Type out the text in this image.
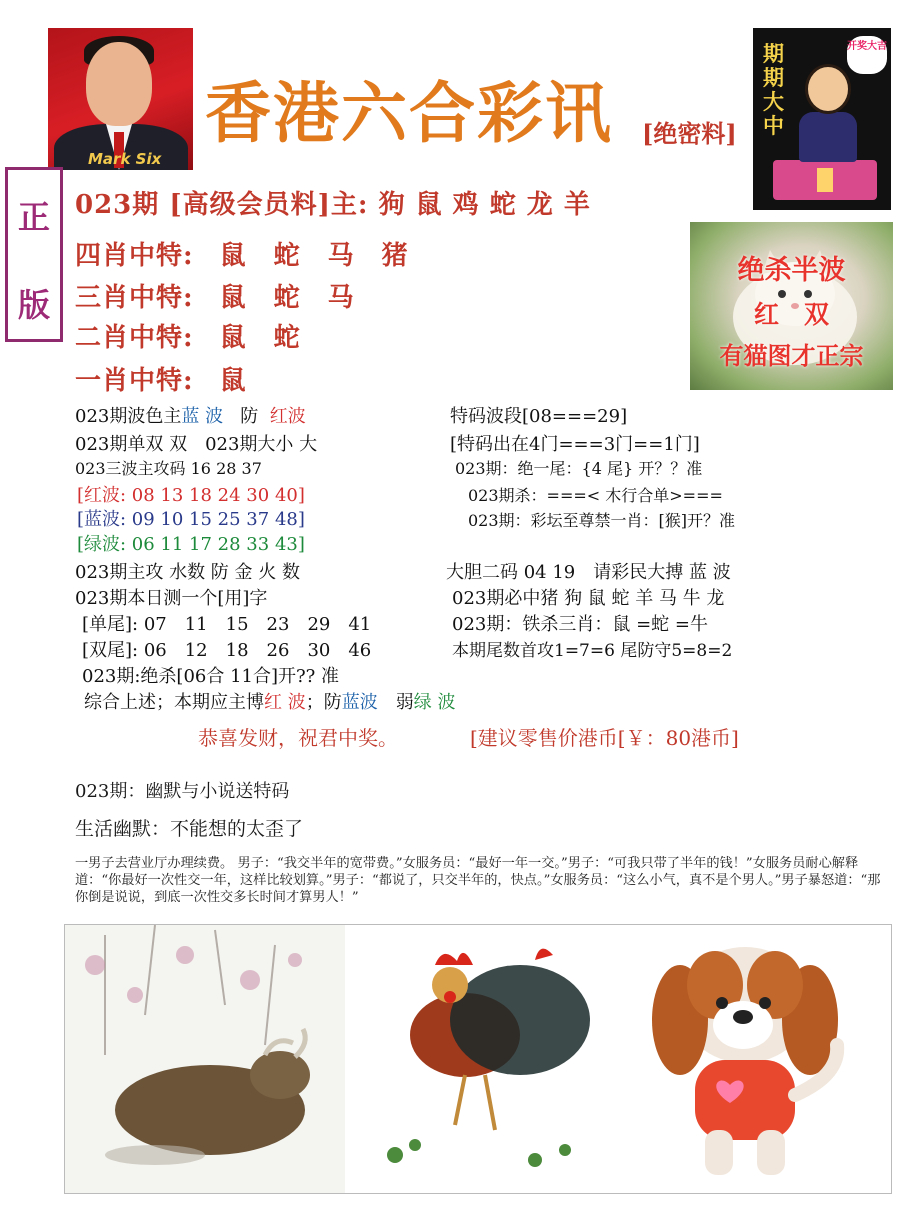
Mark Six
香港六合彩讯 [绝密料]
期期大中
开奖大吉
正
版
023期 [高级会员料]主: 狗 鼠 鸡 蛇 龙 羊
四肖中特: 鼠　蛇　马　猪
三肖中特: 鼠　蛇　马
二肖中特: 鼠　蛇
一肖中特: 鼠
绝杀半波
红　双
有猫图才正宗
023期波色主蓝 波 防 红波
023期单双 双　023期大小 大
023三波主攻码 16 28 37
[红波: 08 13 18 24 30 40]
[蓝波: 09 10 15 25 37 48]
[绿波: 06 11 17 28 33 43]
023期主攻 水数 防 金 火 数
023期本日测一个[用]字
[单尾]: 07　11　15　23　29　41
[双尾]: 06　12　18　26　30　46
023期:绝杀[06合 11合]开?? 准
综合上述；本期应主博红 波；防蓝波　弱绿 波
特码波段[08===29]
[特码出在4门===3门==1门]
023期：绝一尾：{4 尾} 开？？准
023期杀：===< 木行合单>===
023期：彩坛至尊禁一肖：[猴]开？准
大胆二码 04 19　请彩民大搏 蓝 波
023期必中猪 狗 鼠 蛇 羊 马 牛 龙
023期：铁杀三肖：鼠 =蛇 =牛
本期尾数首攻1=7=6 尾防守5=8=2
恭喜发财，祝君中奖。	[建议零售价港币[￥：80港币]
023期：幽默与小说送特码
生活幽默：不能想的太歪了
一男子去营业厅办理续费。 男子：“我交半年的宽带费。”女服务员：“最好一年一交。”男子：“可我只带了半年的钱！”女服务员耐心解释道：“你最好一次性交一年，这样比较划算。”男子：“都说了，只交半年的，快点。”女服务员：“这么小气，真不是个男人。”男子暴怒道：“那你倒是说说，到底一次性交多长时间才算男人！”
